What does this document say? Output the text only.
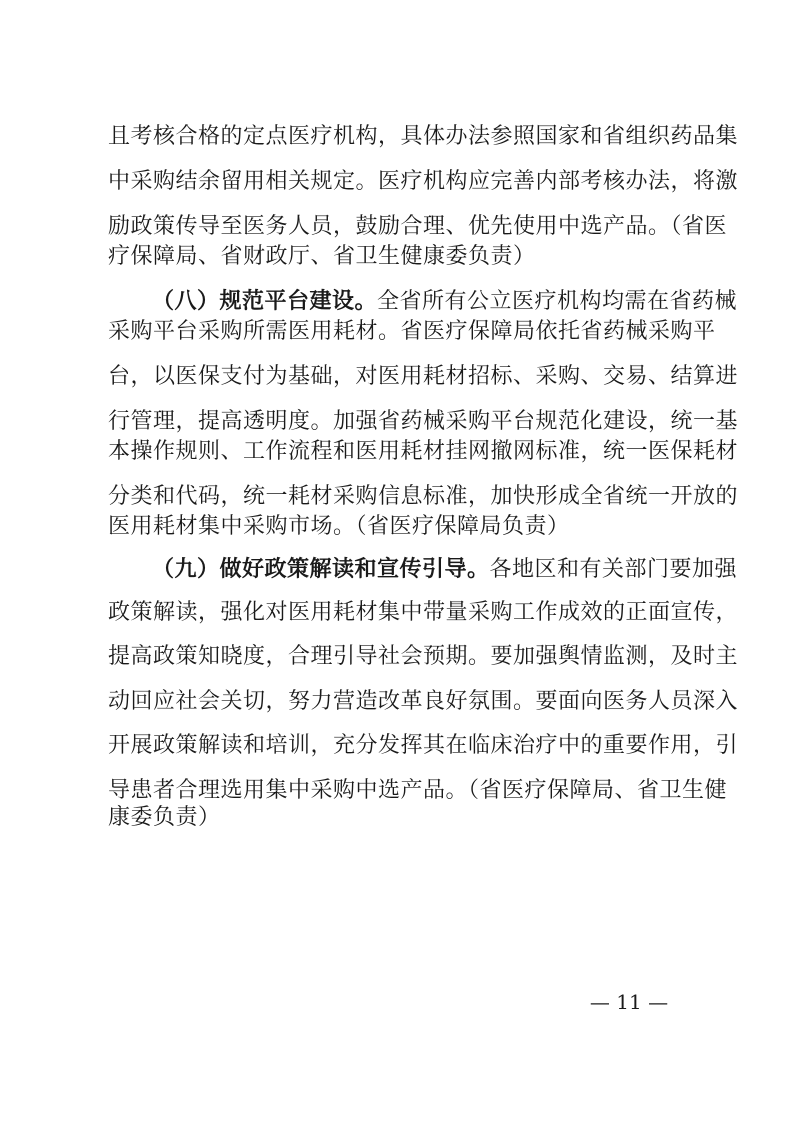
且考核合格的定点医疗机构，具体办法参照国家和省组织药品集
中采购结余留用相关规定。医疗机构应完善内部考核办法，将激
励政策传导至医务人员，鼓励合理、优先使用中选产品。（省医
疗保障局、省财政厅、省卫生健康委负责）
（八）规范平台建设。全省所有公立医疗机构均需在省药械
采购平台采购所需医用耗材。省医疗保障局依托省药械采购平
台，以医保支付为基础，对医用耗材招标、采购、交易、结算进
行管理，提高透明度。加强省药械采购平台规范化建设，统一基
本操作规则、工作流程和医用耗材挂网撤网标准，统一医保耗材
分类和代码，统一耗材采购信息标准，加快形成全省统一开放的
医用耗材集中采购市场。（省医疗保障局负责）
（九）做好政策解读和宣传引导。各地区和有关部门要加强
政策解读，强化对医用耗材集中带量采购工作成效的正面宣传，
提高政策知晓度，合理引导社会预期。要加强舆情监测，及时主
动回应社会关切，努力营造改革良好氛围。要面向医务人员深入
开展政策解读和培训，充分发挥其在临床治疗中的重要作用，引
导患者合理选用集中采购中选产品。（省医疗保障局、省卫生健
康委负责）
— 11 —
